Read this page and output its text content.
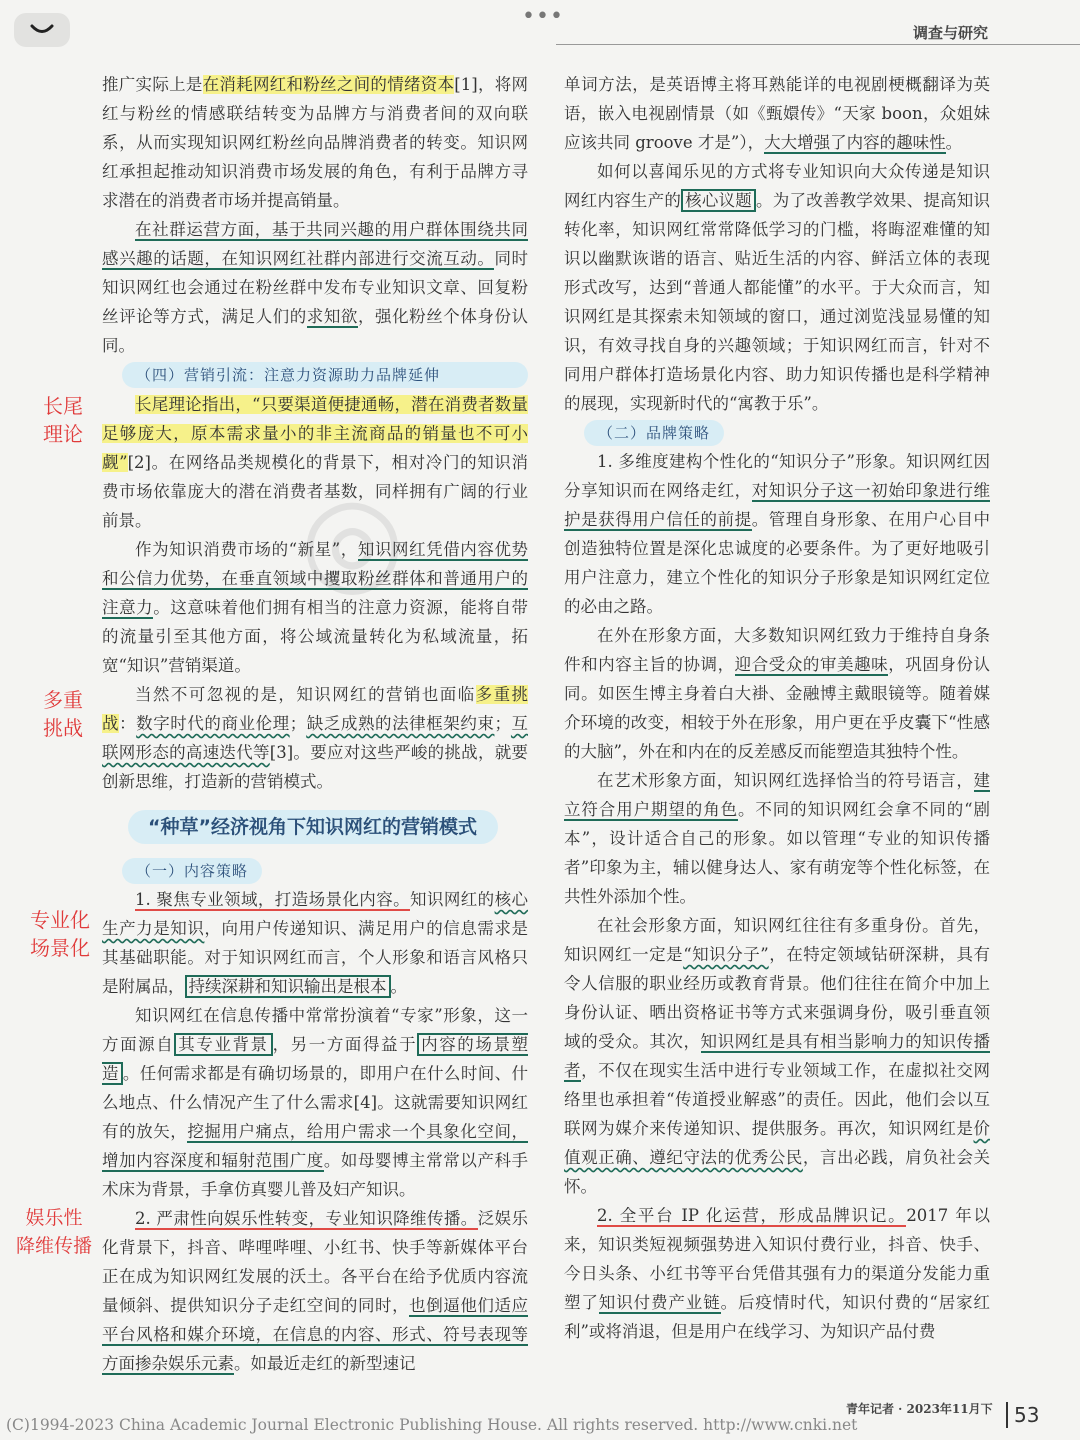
•••
调查与研究
◎
长尾
理论
多重
挑战
专业化
场景化
娱乐性
降维传播

推广实际上是在消耗网红和粉丝之间的情绪资本[1]，将网红与粉丝的情感联结转变为品牌方与消费者间的双向联系，从而实现知识网红粉丝向品牌消费者的转变。知识网红承担起推动知识消费市场发展的角色，有利于品牌方寻求潜在的消费者市场并提高销量。

在社群运营方面，基于共同兴趣的用户群体围绕共同感兴趣的话题，在知识网红社群内部进行交流互动。同时知识网红也会通过在粉丝群中发布专业知识文章、回复粉丝评论等方式，满足人们的求知欲，强化粉丝个体身份认同。

（四）营销引流：注意力资源助力品牌延伸

长尾理论指出，“只要渠道便捷通畅，潜在消费者数量足够庞大，原本需求量小的非主流商品的销量也不可小觑”[2]。在网络品类规模化的背景下，相对冷门的知识消费市场依靠庞大的潜在消费者基数，同样拥有广阔的行业前景。

作为知识消费市场的“新星”，知识网红凭借内容优势和公信力优势，在垂直领域中攫取粉丝群体和普通用户的注意力。这意味着他们拥有相当的注意力资源，能将自带的流量引至其他方面，将公域流量转化为私域流量，拓宽“知识”营销渠道。

当然不可忽视的是，知识网红的营销也面临多重挑战：数字时代的商业伦理；缺乏成熟的法律框架约束；互联网形态的高速迭代等[3]。要应对这些严峻的挑战，就要创新思维，打造新的营销模式。

“种草”经济视角下知识网红的营销模式
（一）内容策略

1. 聚焦专业领域，打造场景化内容。知识网红的核心生产力是知识，向用户传递知识、满足用户的信息需求是其基础职能。对于知识网红而言，个人形象和语言风格只是附属品， 持续深耕和知识输出是根本 。

知识网红在信息传播中常常扮演着“专家”形象，这一方面源自 其专业背景 ，另一方面得益于 内容的场景塑造 。任何需求都是有确切场景的，即用户在什么时间、什么地点、什么情况产生了什么需求[4]。这就需要知识网红有的放矢，挖掘用户痛点，给用户需求一个具象化空间，增加内容深度和辐射范围广度。如母婴博主常常以产科手术床为背景，手拿仿真婴儿普及妇产知识。

2. 严肃性向娱乐性转变，专业知识降维传播。泛娱乐化背景下，抖音、哔哩哔哩、小红书、快手等新媒体平台正在成为知识网红发展的沃土。各平台在给予优质内容流量倾斜、提供知识分子走红空间的同时，也倒逼他们适应平台风格和媒介环境，在信息的内容、形式、符号表现等方面掺杂娱乐元素。如最近走红的新型速记

单词方法，是英语博主将耳熟能详的电视剧梗概翻译为英语，嵌入电视剧情景（如《甄嬛传》“天家 boon，众姐妹应该共同 groove 才是”），大大增强了内容的趣味性。

如何以喜闻乐见的方式将专业知识向大众传递是知识网红内容生产的 核心议题 。为了改善教学效果、提高知识转化率，知识网红常常降低学习的门槛，将晦涩难懂的知识以幽默诙谐的语言、贴近生活的内容、鲜活立体的表现形式改写，达到“普通人都能懂”的水平。于大众而言，知识网红是其探索未知领域的窗口，通过浏览浅显易懂的知识，有效寻找自身的兴趣领域；于知识网红而言，针对不同用户群体打造场景化内容、助力知识传播也是科学精神的展现，实现新时代的“寓教于乐”。

（二）品牌策略

1. 多维度建构个性化的“知识分子”形象。知识网红因分享知识而在网络走红，对知识分子这一初始印象进行维护是获得用户信任的前提。管理自身形象、在用户心目中创造独特位置是深化忠诚度的必要条件。为了更好地吸引用户注意力，建立个性化的知识分子形象是知识网红定位的必由之路。

在外在形象方面，大多数知识网红致力于维持自身条件和内容主旨的协调，迎合受众的审美趣味，巩固身份认同。如医生博主身着白大褂、金融博主戴眼镜等。随着媒介环境的改变，相较于外在形象，用户更在乎皮囊下“性感的大脑”，外在和内在的反差感反而能塑造其独特个性。

在艺术形象方面，知识网红选择恰当的符号语言，建立符合用户期望的角色。不同的知识网红会拿不同的“剧本”，设计适合自己的形象。如以管理“专业的知识传播者”印象为主，辅以健身达人、家有萌宠等个性化标签，在共性外添加个性。

在社会形象方面，知识网红往往有多重身份。首先，知识网红一定是“知识分子”，在特定领域钻研深耕，具有令人信服的职业经历或教育背景。他们往往在简介中加上身份认证、晒出资格证书等方式来强调身份，吸引垂直领域的受众。其次，知识网红是具有相当影响力的知识传播者，不仅在现实生活中进行专业领域工作，在虚拟社交网络里也承担着“传道授业解惑”的责任。因此，他们会以互联网为媒介来传递知识、提供服务。再次，知识网红是价值观正确、遵纪守法的优秀公民，言出必践，肩负社会关怀。

2. 全平台 IP 化运营，形成品牌识记。2017 年以来，知识类短视频强势进入知识付费行业，抖音、快手、今日头条、小红书等平台凭借其强有力的渠道分发能力重塑了知识付费产业链。后疫情时代，知识付费的“居家红利”或将消退，但是用户在线学习、为知识产品付费

青年记者 · 2023年11月下	53
(C)1994-2023 China Academic Journal Electronic Publishing House. All rights reserved. http://www.cnki.net
